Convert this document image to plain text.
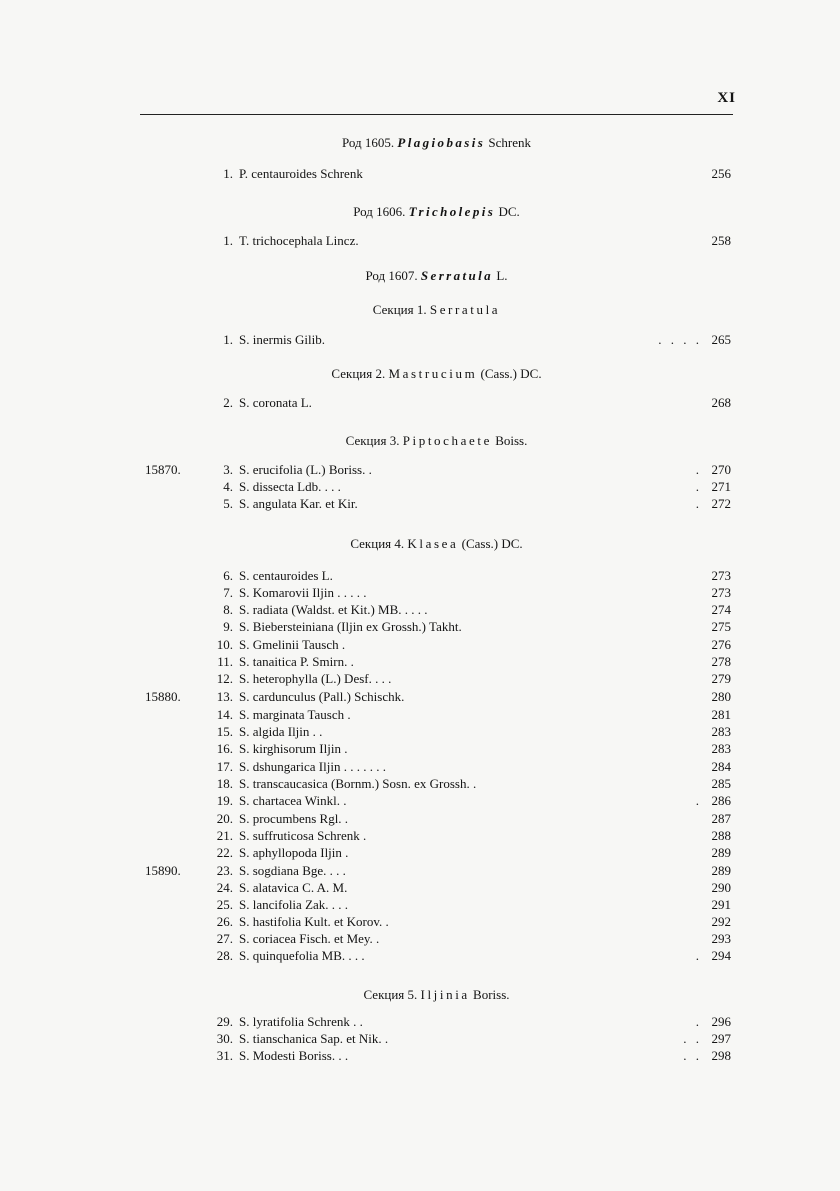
XI
Род 1605. Plagiobasis Schrenk
1. P. centauroides Schrenk	256
Род 1606. Tricholepis DC.
1. T. trichocephala Lincz.	258
Род 1607. Serratula L.
Секция 1. Serratula
1. S. inermis Gilib.	. . . . 265
Секция 2. Mastrucium (Cass.) DC.
2. S. coronata L.	268
Секция 3. Piptochaete Boiss.
15870.	3. S. erucifolia (L.) Boriss. .	. 270
4. S. dissecta Ldb. . . .	. 271
5. S. angulata Kar. et Kir.	. 272
Секция 4. Klasea (Cass.) DC.
6. S. centauroides L.	273
7. S. Komarovii Iljin . . . . .	273
8. S. radiata (Waldst. et Kit.) MB. . . . .	274
9. S. Biebersteiniana (Iljin ex Grossh.) Takht.	275
10. S. Gmelinii Tausch .	276
11. S. tanaitica P. Smirn. .	278
12. S. heterophylla (L.) Desf. . . .	279
15880.	13. S. cardunculus (Pall.) Schischk.	280
14. S. marginata Tausch .	281
15. S. algida Iljin . .	283
16. S. kirghisorum Iljin .	283
17. S. dshungarica Iljin . . . . . . .	284
18. S. transcaucasica (Bornm.) Sosn. ex Grossh. .	285
19. S. chartacea Winkl. .	. 286
20. S. procumbens Rgl. .	287
21. S. suffruticosa Schrenk .	288
22. S. aphyllopoda Iljin .	289
15890.	23. S. sogdiana Bge. . . .	289
24. S. alatavica C. A. M.	290
25. S. lancifolia Zak. . . .	291
26. S. hastifolia Kult. et Korov. .	292
27. S. coriacea Fisch. et Mey. .	293
28. S. quinquefolia MB. . . .	. 294
Секция 5. Iljinia Boriss.
29. S. lyratifolia Schrenk . .	. 296
30. S. tianschanica Sap. et Nik. .	. . 297
31. S. Modesti Boriss. . .	. . 298
